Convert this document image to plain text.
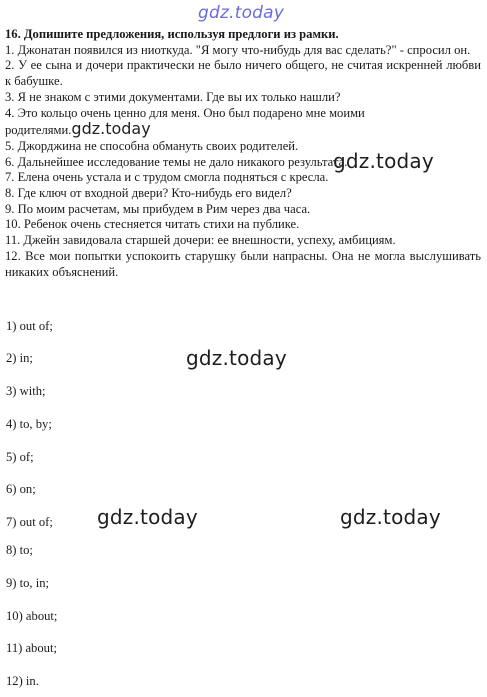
gdz.today

16. Допишите предложения, используя предлоги из рамки.

1. Джонатан появился из ниоткуда. "Я могу что-нибудь для вас сделать?" - спросил он.

2. У ее сына и дочери практически не было ничего общего, не считая искренней любви к бабушке.

3. Я не знаком с этими документами. Где вы их только нашли?

4. Это кольцо очень ценно для меня. Оно был подарено мне моими
родителями.gdz.today

5. Джорджина не способна обмануть своих родителей.

6. Дальнейшее исследование темы не дало никакого результата.

7. Елена очень устала и с трудом смогла подняться с кресла.

8. Где ключ от входной двери? Кто-нибудь его видел?

9. По моим расчетам, мы прибудем в Рим через два часа.

10. Ребенок очень стесняется читать стихи на публике.

11. Джейн завидовала старшей дочери: ее внешности, успеху, амбициям.

12. Все мои попытки успокоить старушку были напрасны. Она не могла выслушивать никаких объяснений.

gdz.today
1) out of;
2) in;
3) with;
4) to, by;
5) of;
6) on;
7) out of;
8) to;
9) to, in;
10) about;
11) about;
12) in.
gdz.today
gdz.today	gdz.today
